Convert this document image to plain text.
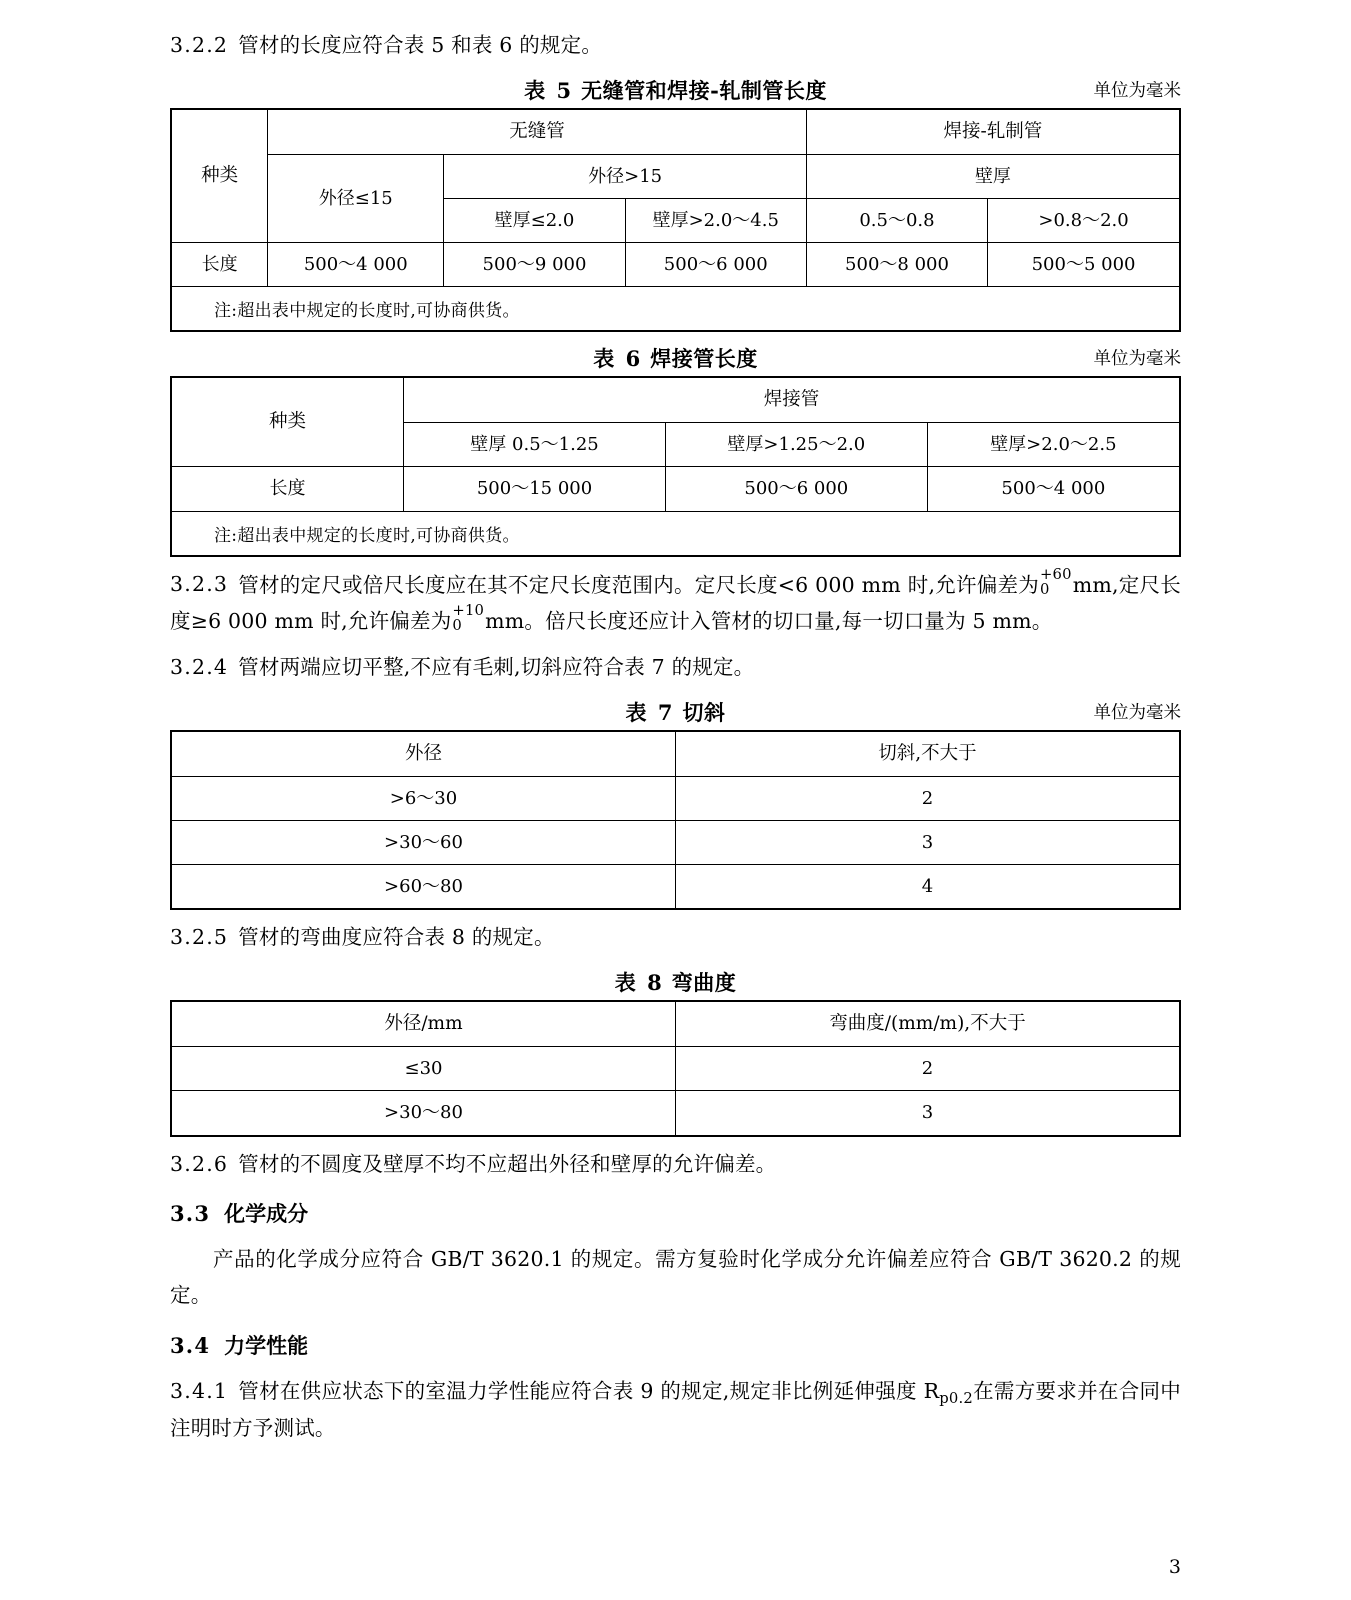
3.2.2 管材的长度应符合表 5 和表 6 的规定。

表 5 无缝管和焊接-轧制管长度	单位为毫米
种类	无缝管			焊接-轧制管	
	外径≤15	外径>15		壁厚	
		壁厚≤2.0	壁厚>2.0～4.5	0.5～0.8	>0.8～2.0
长度	500～4 000	500～9 000	500～6 000	500～8 000	500～5 000
注:超出表中规定的长度时,可协商供货。
表 6 焊接管长度	单位为毫米
种类	焊接管		
	壁厚 0.5～1.25	壁厚>1.25～2.0	壁厚>2.0～2.5
长度	500～15 000	500～6 000	500～4 000
注:超出表中规定的长度时,可协商供货。

3.2.3 管材的定尺或倍尺长度应在其不定尺长度范围内。定尺长度<6 000 mm 时,允许偏差为 +60
0	mm,定尺长度≥6 000 mm 时,允许偏差为 +10
0	mm。倍尺长度还应计入管材的切口量,每一切口量为 5 mm。

3.2.4 管材两端应切平整,不应有毛刺,切斜应符合表 7 的规定。

表 7 切斜	单位为毫米
外径	切斜,不大于
>6～30	2
>30～60	3
>60～80	4

3.2.5 管材的弯曲度应符合表 8 的规定。

表 8 弯曲度
外径/mm	弯曲度/(mm/m),不大于
≤30	2
>30～80	3

3.2.6 管材的不圆度及壁厚不均不应超出外径和壁厚的允许偏差。

3.3 化学成分

产品的化学成分应符合 GB/T 3620.1 的规定。需方复验时化学成分允许偏差应符合 GB/T 3620.2 的规定。

3.4 力学性能

3.4.1 管材在供应状态下的室温力学性能应符合表 9 的规定,规定非比例延伸强度 $R_{p0.2}$在需方要求并在合同中注明时方予测试。

3
